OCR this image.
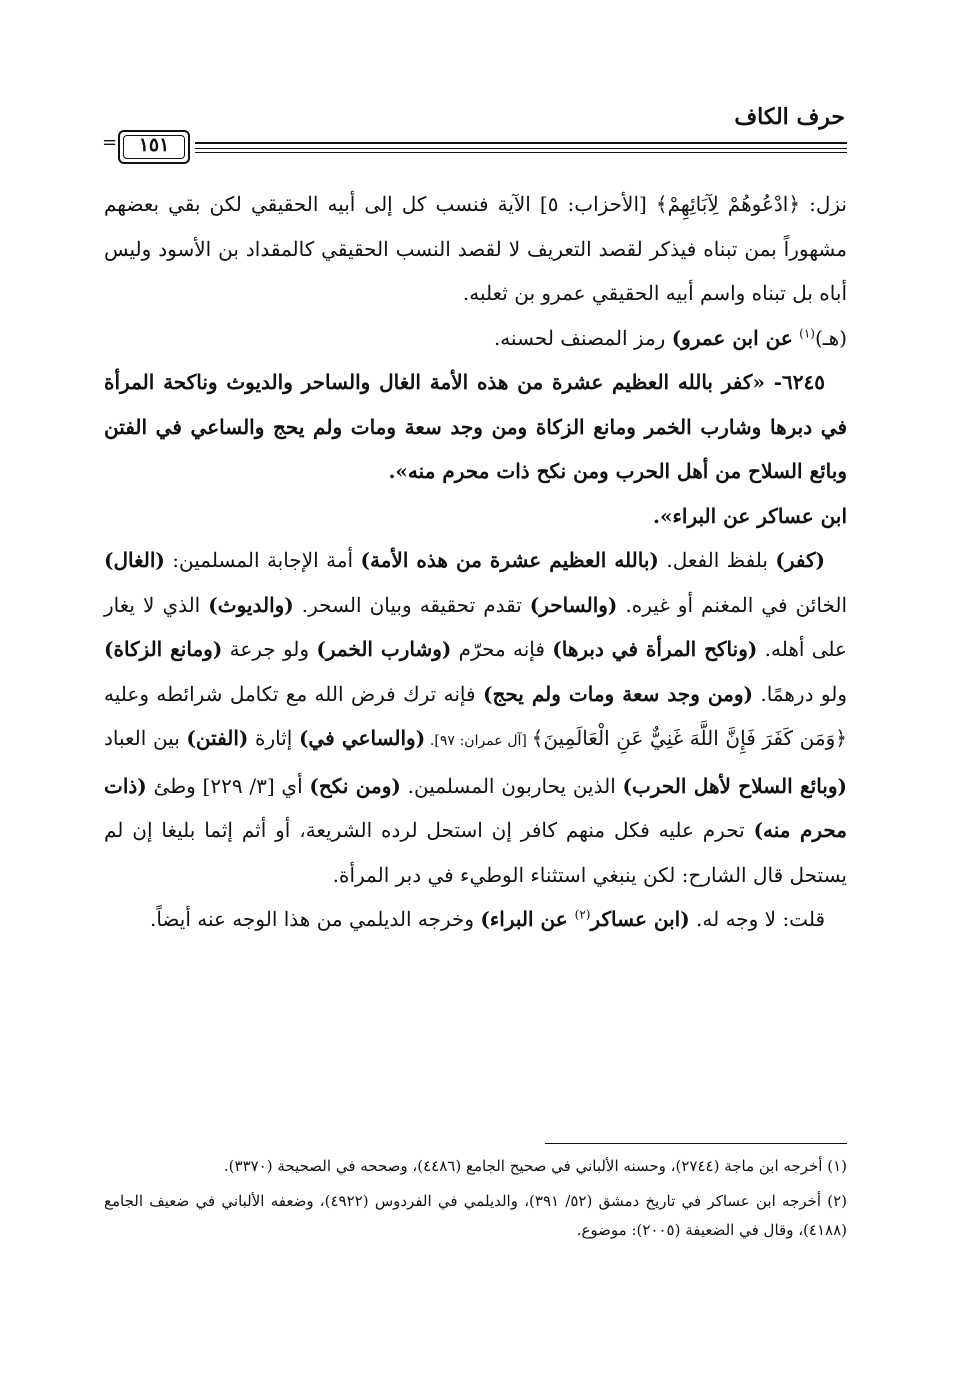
حرف الكاف
=	١٥١

نزل: ﴿ادْعُوهُمْ لِآبَائِهِمْ﴾ [الأحزاب: ٥] الآية فنسب كل إلى أبيه الحقيقي لكن بقي بعضهم مشهوراً بمن تبناه فيذكر لقصد التعريف لا لقصد النسب الحقيقي كالمقداد بن الأسود وليس أباه بل تبناه واسم أبيه الحقيقي عمرو بن ثعلبه.

(هـ)$^{(١)}$ عن ابن عمرو) رمز المصنف لحسنه.

٦٢٤٥- «كفر بالله العظيم عشرة من هذه الأمة الغال والساحر والديوث وناكحة المرأة في دبرها وشارب الخمر ومانع الزكاة ومن وجد سعة ومات ولم يحج والساعي في الفتن وبائع السلاح من أهل الحرب ومن نكح ذات محرم منه».
ابن عساكر عن البراء».

(كفر) بلفظ الفعل. (بالله العظيم عشرة من هذه الأمة) أمة الإجابة المسلمين: (الغال) الخائن في المغنم أو غيره. (والساحر) تقدم تحقيقه وبيان السحر. (والديوث) الذي لا يغار على أهله. (وناكح المرأة في دبرها) فإنه محرّم (وشارب الخمر) ولو جرعة (ومانع الزكاة) ولو درهمًا. (ومن وجد سعة ومات ولم يحج) فإنه ترك فرض الله مع تكامل شرائطه وعليه ﴿وَمَن كَفَرَ فَإِنَّ اللَّهَ غَنِيٌّ عَنِ الْعَالَمِينَ﴾ [آل عمران: ٩٧]. (والساعي في) إثارة (الفتن) بين العباد (وبائع السلاح لأهل الحرب) الذين يحاربون المسلمين. (ومن نكح) أي [٣/ ٢٢٩] وطئ (ذات محرم منه) تحرم عليه فكل منهم كافر إن استحل لرده الشريعة، أو أثم إثما بليغا إن لم يستحل قال الشارح: لكن ينبغي استثناء الوطيء في دبر المرأة.

قلت: لا وجه له. (ابن عساكر$^{(٢)}$ عن البراء) وخرجه الديلمي من هذا الوجه عنه أيضاً.

(١) أخرجه ابن ماجة (٢٧٤٤)، وحسنه الألباني في صحيح الجامع (٤٤٨٦)، وصححه في الصحيحة (٣٣٧٠).

(٢) أخرجه ابن عساكر في تاريخ دمشق (٥٢/ ٣٩١)، والديلمي في الفردوس (٤٩٢٢)، وضعفه الألباني في ضعيف الجامع (٤١٨٨)، وقال في الضعيفة (٢٠٠٥): موضوع.
